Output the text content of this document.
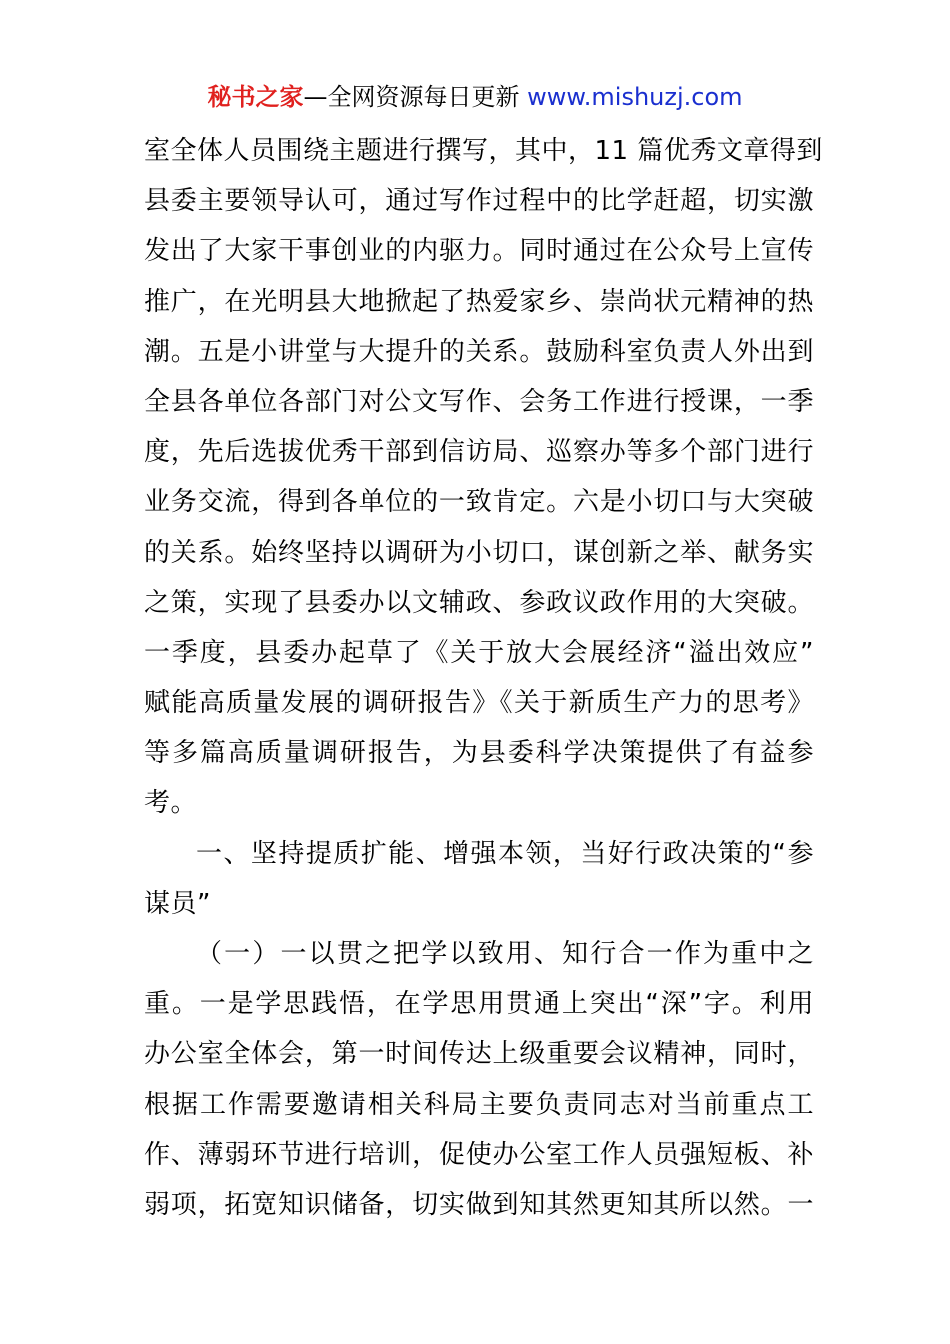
秘书之家—全网资源每日更新 www.mishuzj.com
室全体人员围绕主题进行撰写，其中，11 篇优秀文章得到
县委主要领导认可，通过写作过程中的比学赶超，切实激
发出了大家干事创业的内驱力。同时通过在公众号上宣传
推广，在光明县大地掀起了热爱家乡、崇尚状元精神的热
潮。五是小讲堂与大提升的关系。鼓励科室负责人外出到
全县各单位各部门对公文写作、会务工作进行授课，一季
度，先后选拔优秀干部到信访局、巡察办等多个部门进行
业务交流，得到各单位的一致肯定。六是小切口与大突破
的关系。始终坚持以调研为小切口，谋创新之举、献务实
之策，实现了县委办以文辅政、参政议政作用的大突破。
一季度，县委办起草了《关于放大会展经济“溢出效应”
赋能高质量发展的调研报告》《关于新质生产力的思考》
等多篇高质量调研报告，为县委科学决策提供了有益参
考。
一、坚持提质扩能、增强本领，当好行政决策的“参
谋员”
（一）一以贯之把学以致用、知行合一作为重中之
重。一是学思践悟，在学思用贯通上突出“深”字。利用
办公室全体会，第一时间传达上级重要会议精神，同时，
根据工作需要邀请相关科局主要负责同志对当前重点工
作、薄弱环节进行培训，促使办公室工作人员强短板、补
弱项，拓宽知识储备，切实做到知其然更知其所以然。一
